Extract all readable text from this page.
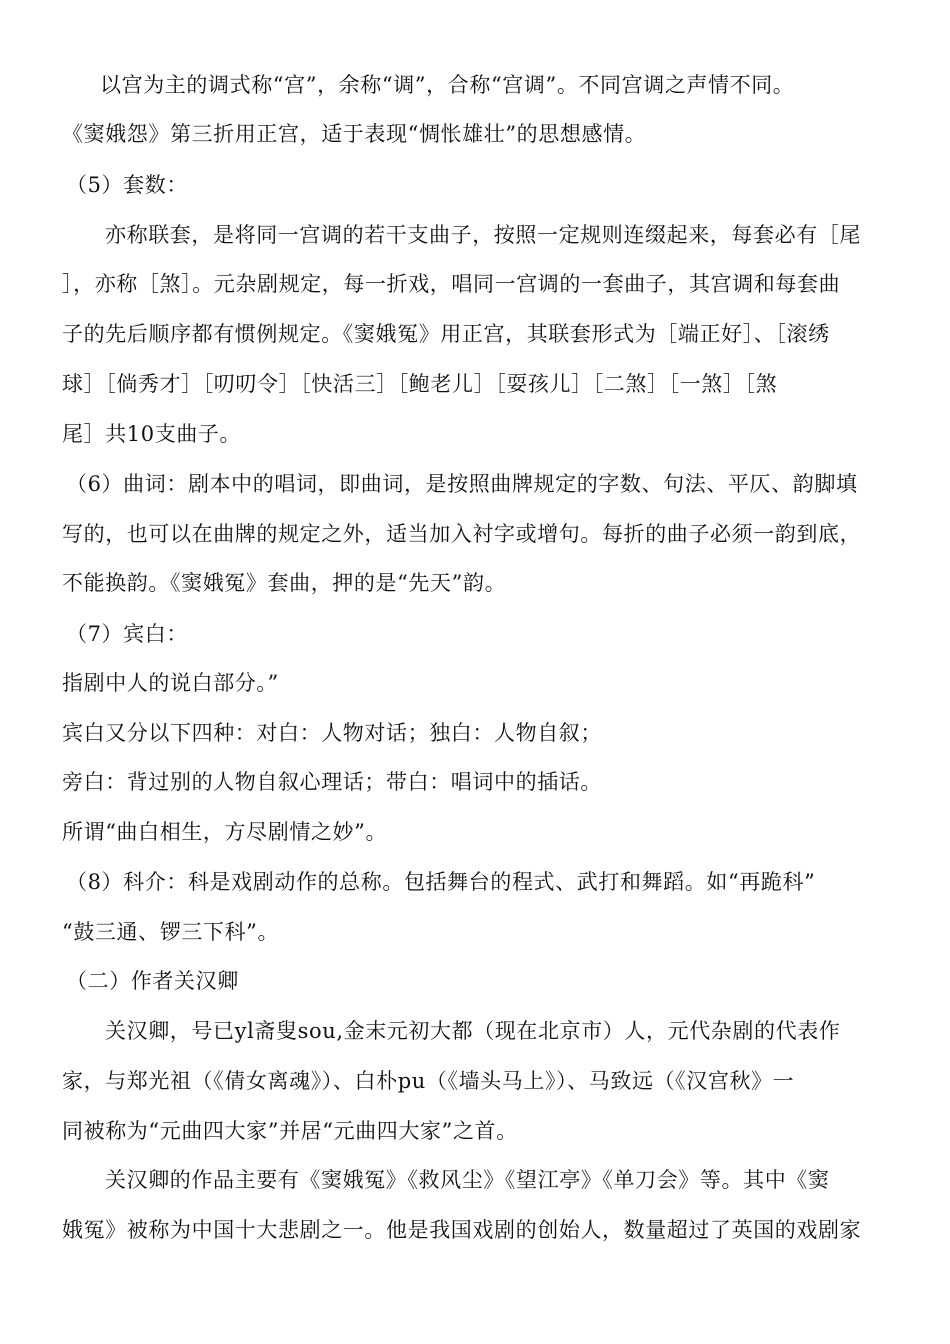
以宫为主的调式称“宫”，余称“调”，合称“宫调”。不同宫调之声情不同。
《窦娥怨》第三折用正宫，适于表现“惆怅雄壮”的思想感情。
（5）套数：
亦称联套，是将同一宫调的若干支曲子，按照一定规则连缀起来，每套必有［尾
］，亦称［煞］。元杂剧规定，每一折戏，唱同一宫调的一套曲子，其宫调和每套曲
子的先后顺序都有惯例规定。《窦娥冤》用正宫，其联套形式为［端正好］、［滚绣
球］［倘秀才］［叨叨令］［快活三］［鲍老儿］［耍孩儿］［二煞］［一煞］［煞
尾］共10支曲子。
（6）曲词：剧本中的唱词，即曲词，是按照曲牌规定的字数、句法、平仄、韵脚填
写的，也可以在曲牌的规定之外，适当加入衬字或增句。每折的曲子必须一韵到底，
不能换韵。《窦娥冤》套曲，押的是“先天”韵。
（7）宾白：
指剧中人的说白部分。”
宾白又分以下四种：对白：人物对话；独白：人物自叙；
旁白：背过别的人物自叙心理话；带白：唱词中的插话。
所谓“曲白相生，方尽剧情之妙”。
（8）科介：科是戏剧动作的总称。包括舞台的程式、武打和舞蹈。如“再跪科”
“鼓三通、锣三下科”。
（二）作者关汉卿
关汉卿，号已yl斋叟sou,金末元初大都（现在北京市）人，元代杂剧的代表作
家，与郑光祖（《倩女离魂》）、白朴pu（《墙头马上》）、马致远（《汉宫秋》一
同被称为“元曲四大家”并居“元曲四大家”之首。
关汉卿的作品主要有《窦娥冤》《救风尘》《望江亭》《单刀会》等。其中《窦
娥冤》被称为中国十大悲剧之一。他是我国戏剧的创始人，数量超过了英国的戏剧家
